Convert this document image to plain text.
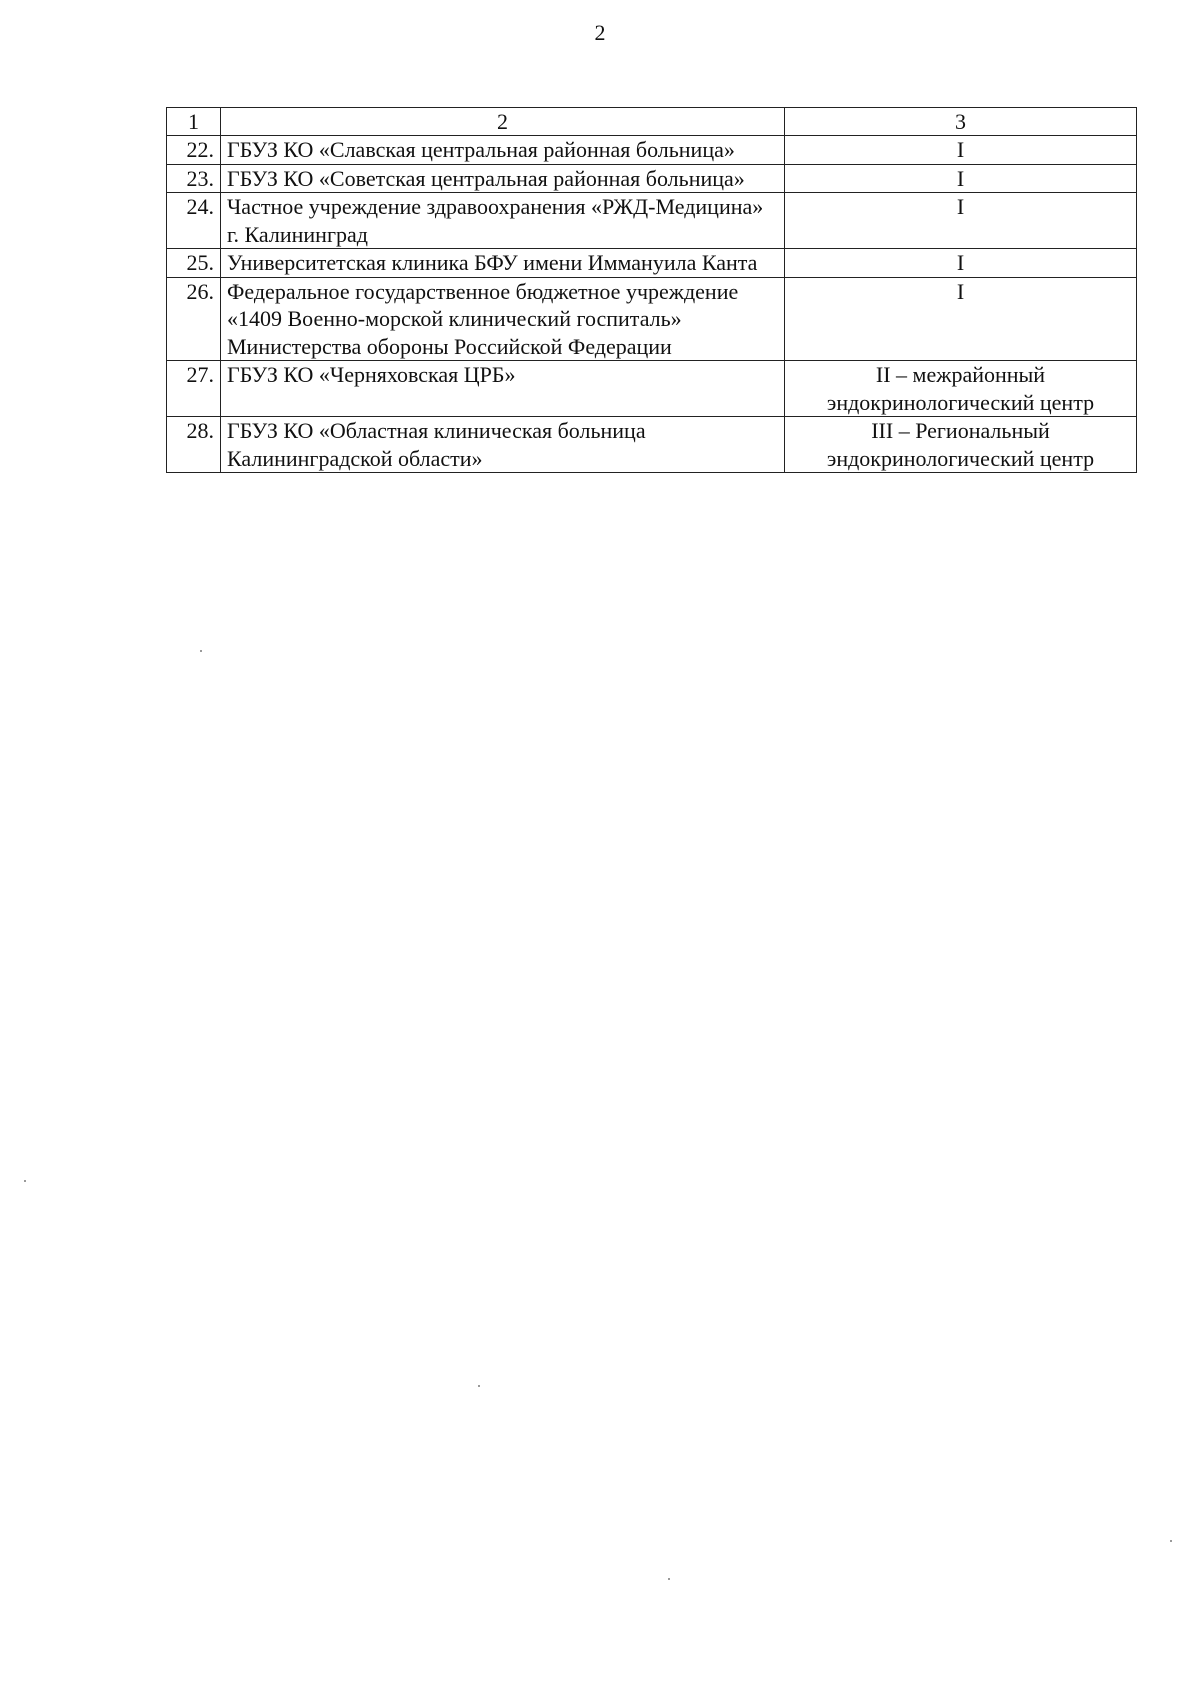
2
1	2	3
22.	ГБУЗ КО «Славская центральная районная больница»	I
23.	ГБУЗ КО «Советская центральная районная больница»	I
24.	Частное учреждение здравоохранения «РЖД-Медицина» г. Калининград	I
25.	Университетская клиника БФУ имени Иммануила Канта	I
26.	Федеральное государственное бюджетное учреждение «1409 Военно-морской клинический госпиталь» Министерства обороны Российской Федерации	I
27.	ГБУЗ КО «Черняховская ЦРБ»	II – межрайонный эндокринологический центр
28.	ГБУЗ КО «Областная клиническая больница Калининградской области»	III – Региональный эндокринологический центр
